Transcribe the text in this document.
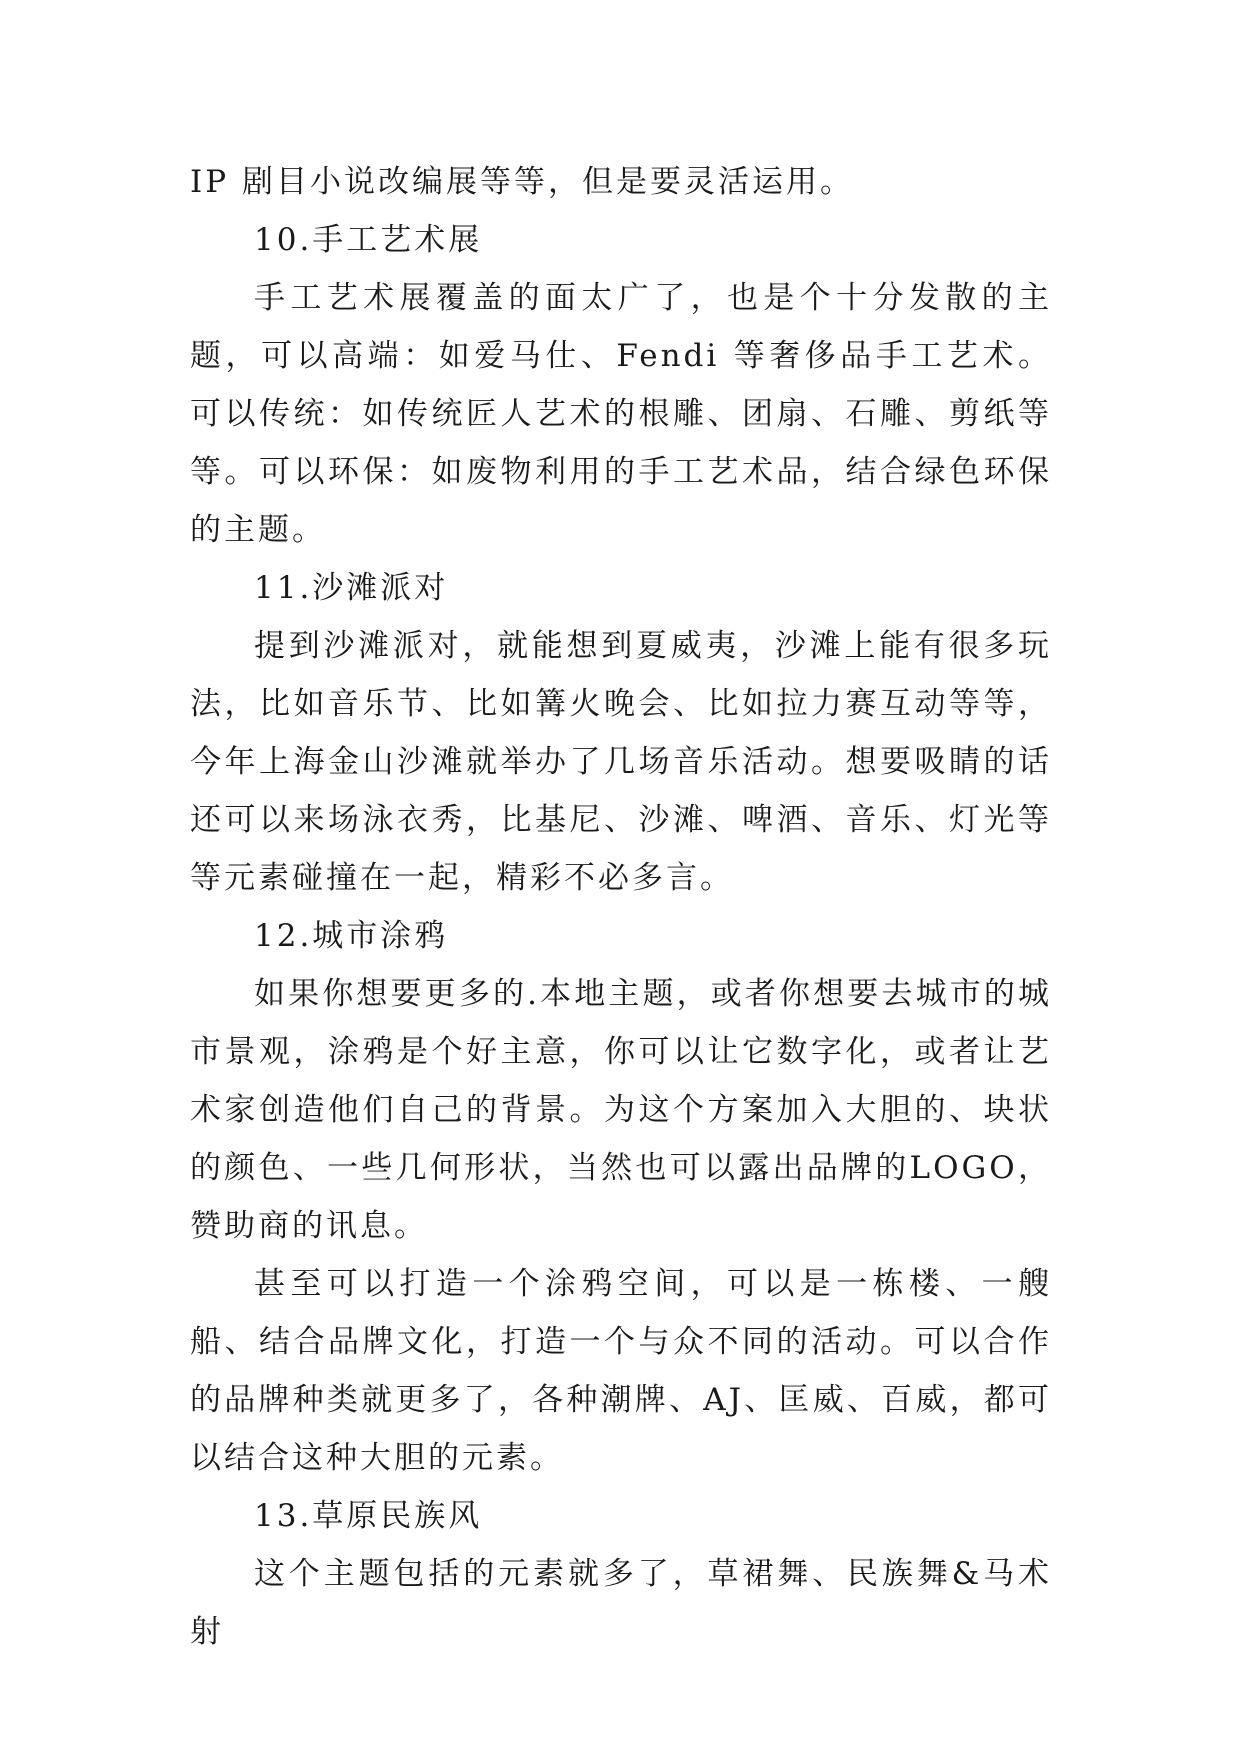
IP 剧目小说改编展等等，但是要灵活运用。

10.手工艺术展

手工艺术展覆盖的面太广了，也是个十分发散的主题，可以高端：如爱马仕、Fendi 等奢侈品手工艺术。可以传统：如传统匠人艺术的根雕、团扇、石雕、剪纸等等。可以环保：如废物利用的手工艺术品，结合绿色环保的主题。

11.沙滩派对

提到沙滩派对，就能想到夏威夷，沙滩上能有很多玩法，比如音乐节、比如篝火晚会、比如拉力赛互动等等，今年上海金山沙滩就举办了几场音乐活动。想要吸睛的话还可以来场泳衣秀，比基尼、沙滩、啤酒、音乐、灯光等等元素碰撞在一起，精彩不必多言。

12.城市涂鸦

如果你想要更多的.本地主题，或者你想要去城市的城市景观，涂鸦是个好主意，你可以让它数字化，或者让艺术家创造他们自己的背景。为这个方案加入大胆的、块状的颜色、一些几何形状，当然也可以露出品牌的LOGO，赞助商的讯息。

甚至可以打造一个涂鸦空间，可以是一栋楼、一艘船、结合品牌文化，打造一个与众不同的活动。可以合作的品牌种类就更多了，各种潮牌、AJ、匡威、百威，都可以结合这种大胆的元素。

13.草原民族风

这个主题包括的元素就多了，草裙舞、民族舞&马术射
